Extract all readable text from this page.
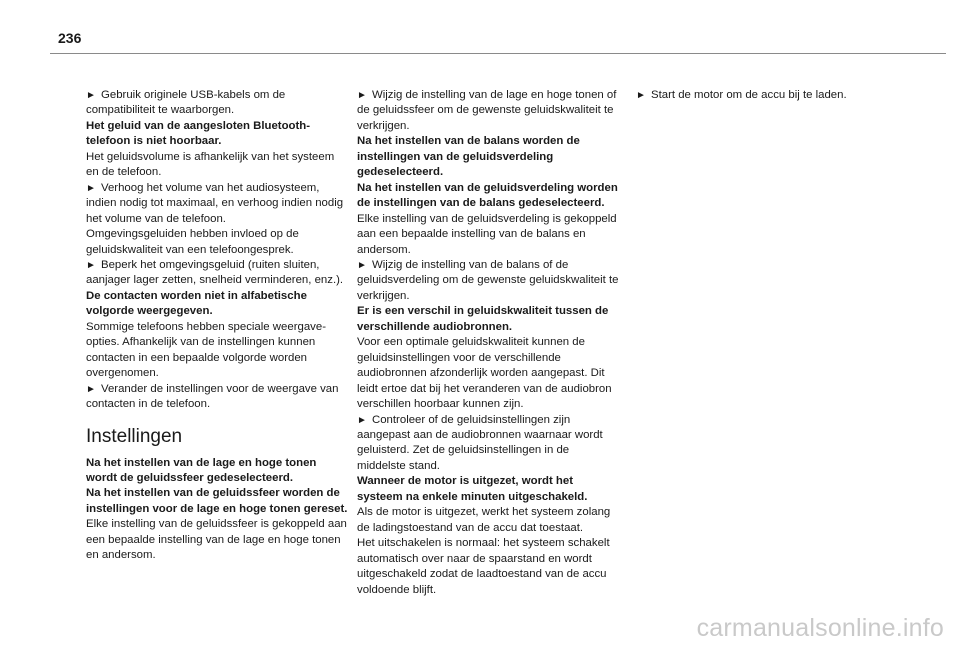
236

► Gebruik originele USB-kabels om de compatibiliteit te waarborgen.

Het geluid van de aangesloten Bluetooth-telefoon is niet hoorbaar.

Het geluidsvolume is afhankelijk van het systeem en de telefoon.

► Verhoog het volume van het audiosysteem, indien nodig tot maximaal, en verhoog indien nodig het volume van de telefoon.

Omgevingsgeluiden hebben invloed op de geluidskwaliteit van een telefoongesprek.

► Beperk het omgevingsgeluid (ruiten sluiten, aanjager lager zetten, snelheid verminderen, enz.).

De contacten worden niet in alfabetische volgorde weergegeven.

Sommige telefoons hebben speciale weergave-opties. Afhankelijk van de instellingen kunnen contacten in een bepaalde volgorde worden overgenomen.

► Verander de instellingen voor de weergave van contacten in de telefoon.

Instellingen

Na het instellen van de lage en hoge tonen wordt de geluidssfeer gedeselecteerd.

Na het instellen van de geluidssfeer worden de instellingen voor de lage en hoge tonen gereset.

Elke instelling van de geluidssfeer is gekoppeld aan een bepaalde instelling van de lage en hoge tonen en andersom.

► Wijzig de instelling van de lage en hoge tonen of de geluidssfeer om de gewenste geluidskwaliteit te verkrijgen.

Na het instellen van de balans worden de instellingen van de geluidsverdeling gedeselecteerd.

Na het instellen van de geluidsverdeling worden de instellingen van de balans gedeselecteerd.

Elke instelling van de geluidsverdeling is gekoppeld aan een bepaalde instelling van de balans en andersom.

► Wijzig de instelling van de balans of de geluidsverdeling om de gewenste geluidskwaliteit te verkrijgen.

Er is een verschil in geluidskwaliteit tussen de verschillende audiobronnen.

Voor een optimale geluidskwaliteit kunnen de geluidsinstellingen voor de verschillende audiobronnen afzonderlijk worden aangepast. Dit leidt ertoe dat bij het veranderen van de audiobron verschillen hoorbaar kunnen zijn.

► Controleer of de geluidsinstellingen zijn aangepast aan de audiobronnen waarnaar wordt geluisterd. Zet de geluidsinstellingen in de middelste stand.

Wanneer de motor is uitgezet, wordt het systeem na enkele minuten uitgeschakeld.

Als de motor is uitgezet, werkt het systeem zolang de ladingstoestand van de accu dat toestaat.

Het uitschakelen is normaal: het systeem schakelt automatisch over naar de spaarstand en wordt uitgeschakeld zodat de laadtoestand van de accu voldoende blijft.

► Start de motor om de accu bij te laden.

carmanualsonline.info
